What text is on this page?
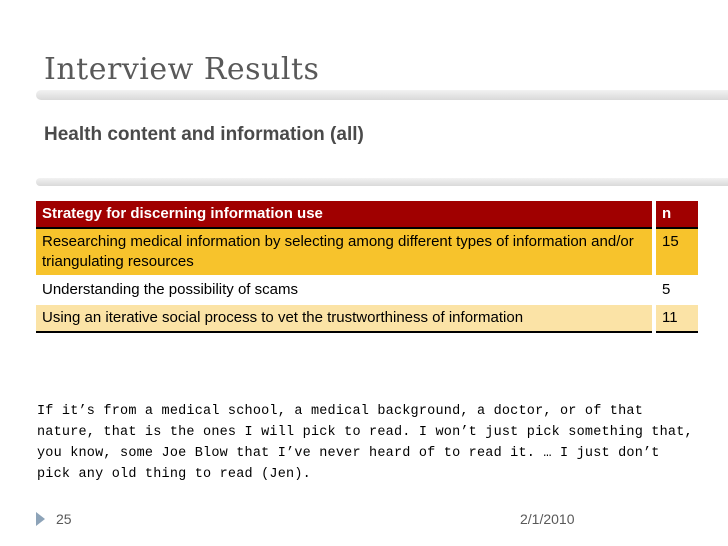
Interview Results
Health content and information (all)
Strategy for discerning information use	n
Researching medical information by selecting among different types of information and/or triangulating resources	15
Understanding the possibility of scams	5
Using an iterative social process to vet the trustworthiness of information	11
If it’s from a medical school, a medical background, a doctor, or of that nature, that is the ones I will pick to read. I won’t just pick something that, you know, some Joe Blow that I’ve never heard of to read it. … I just don’t pick any old thing to read (Jen).
25	2/1/2010
